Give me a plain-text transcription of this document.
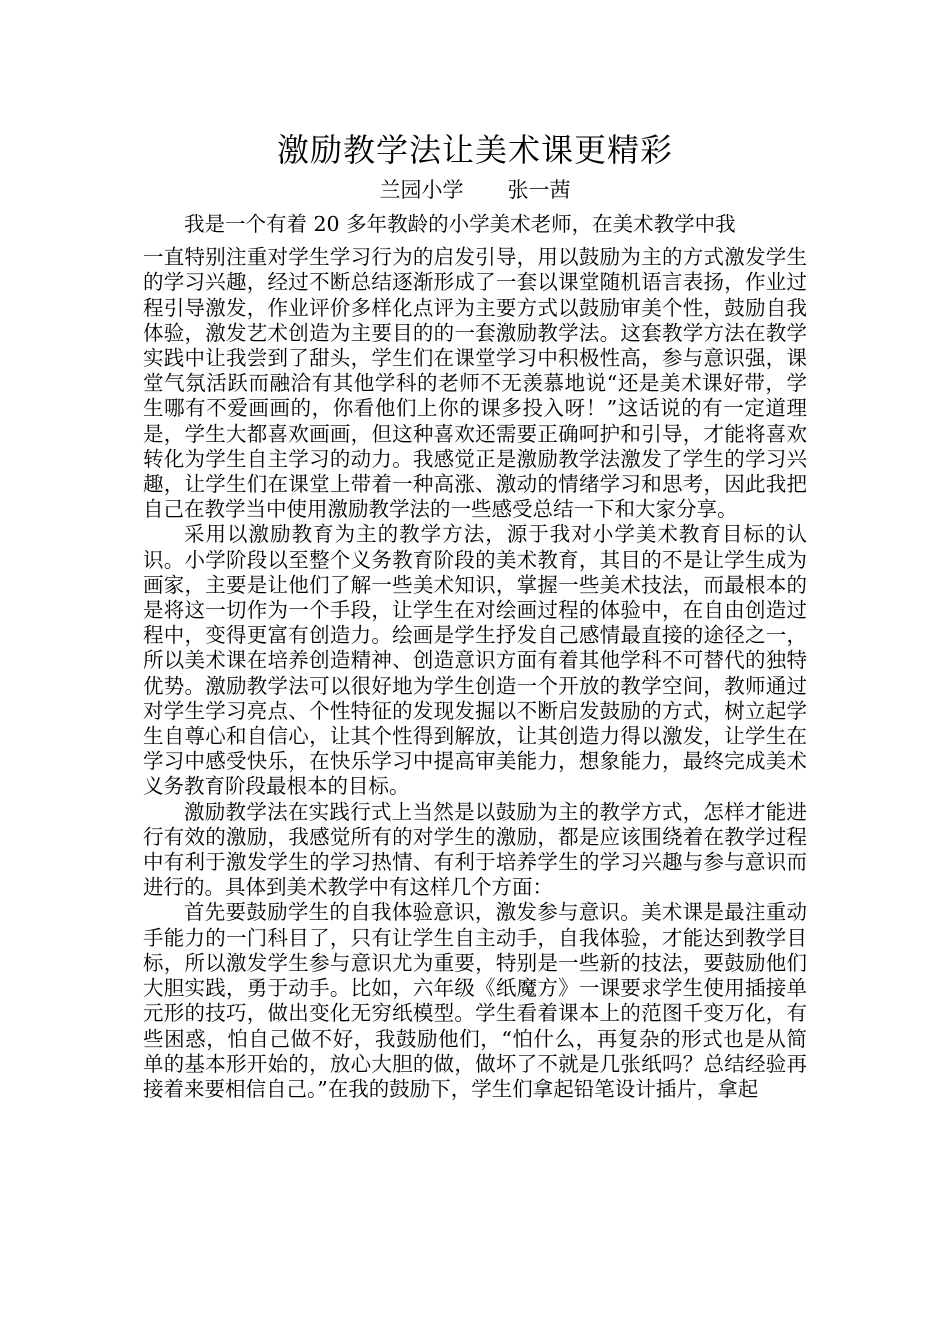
激励教学法让美术课更精彩
兰园小学 张一茜

我是一个有着 20 多年教龄的小学美术老师，在美术教学中我

一直特别注重对学生学习行为的启发引导，用以鼓励为主的方式激发学生的学习兴趣，经过不断总结逐渐形成了一套以课堂随机语言表扬，作业过程引导激发，作业评价多样化点评为主要方式以鼓励审美个性，鼓励自我体验，激发艺术创造为主要目的的一套激励教学法。这套教学方法在教学实践中让我尝到了甜头，学生们在课堂学习中积极性高，参与意识强，课堂气氛活跃而融洽有其他学科的老师不无羡慕地说“还是美术课好带，学生哪有不爱画画的，你看他们上你的课多投入呀！”这话说的有一定道理是，学生大都喜欢画画，但这种喜欢还需要正确呵护和引导，才能将喜欢转化为学生自主学习的动力。我感觉正是激励教学法激发了学生的学习兴趣，让学生们在课堂上带着一种高涨、激动的情绪学习和思考，因此我把自己在教学当中使用激励教学法的一些感受总结一下和大家分享。

采用以激励教育为主的教学方法，源于我对小学美术教育目标的认识。小学阶段以至整个义务教育阶段的美术教育，其目的不是让学生成为画家，主要是让他们了解一些美术知识，掌握一些美术技法，而最根本的是将这一切作为一个手段，让学生在对绘画过程的体验中，在自由创造过程中，变得更富有创造力。绘画是学生抒发自己感情最直接的途径之一，所以美术课在培养创造精神、创造意识方面有着其他学科不可替代的独特优势。激励教学法可以很好地为学生创造一个开放的教学空间，教师通过对学生学习亮点、个性特征的发现发掘以不断启发鼓励的方式，树立起学生自尊心和自信心，让其个性得到解放，让其创造力得以激发，让学生在学习中感受快乐，在快乐学习中提高审美能力，想象能力，最终完成美术义务教育阶段最根本的目标。

激励教学法在实践行式上当然是以鼓励为主的教学方式，怎样才能进行有效的激励，我感觉所有的对学生的激励，都是应该围绕着在教学过程中有利于激发学生的学习热情、有利于培养学生的学习兴趣与参与意识而进行的。具体到美术教学中有这样几个方面：

首先要鼓励学生的自我体验意识，激发参与意识。美术课是最注重动手能力的一门科目了，只有让学生自主动手，自我体验，才能达到教学目标，所以激发学生参与意识尤为重要，特别是一些新的技法，要鼓励他们大胆实践，勇于动手。比如，六年级《纸魔方》一课要求学生使用插接单元形的技巧，做出变化无穷纸模型。学生看着课本上的范图千变万化，有些困惑，怕自己做不好，我鼓励他们，“怕什么，再复杂的形式也是从简单的基本形开始的，放心大胆的做，做坏了不就是几张纸吗？总结经验再接着来要相信自己。”在我的鼓励下，学生们拿起铅笔设计插片，拿起
